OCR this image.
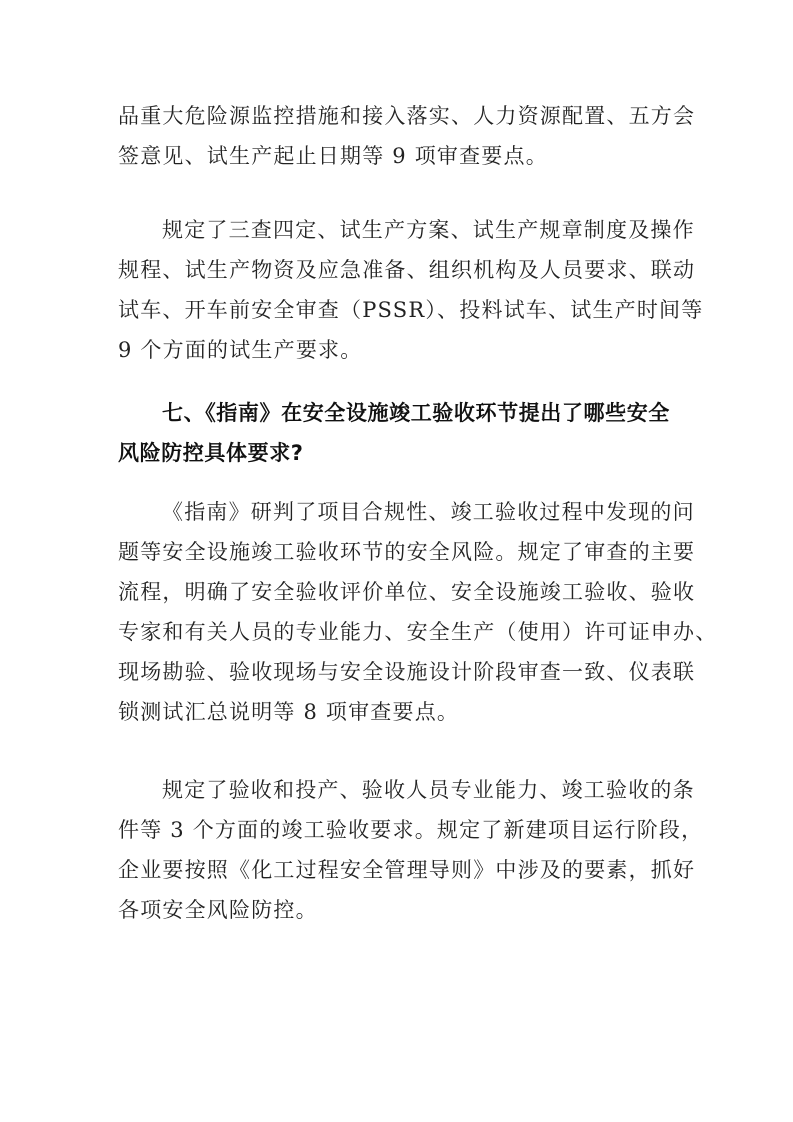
品重大危险源监控措施和接入落实、人力资源配置、五方会
签意见、试生产起止日期等 9 项审查要点。

规定了三查四定、试生产方案、试生产规章制度及操作
规程、试生产物资及应急准备、组织机构及人员要求、联动
试车、开车前安全审查（PSSR）、投料试车、试生产时间等
9 个方面的试生产要求。

七、《指南》在安全设施竣工验收环节提出了哪些安全
风险防控具体要求?

《指南》研判了项目合规性、竣工验收过程中发现的问
题等安全设施竣工验收环节的安全风险。规定了审查的主要
流程，明确了安全验收评价单位、安全设施竣工验收、验收
专家和有关人员的专业能力、安全生产（使用）许可证申办、
现场勘验、验收现场与安全设施设计阶段审查一致、仪表联
锁测试汇总说明等 8 项审查要点。

规定了验收和投产、验收人员专业能力、竣工验收的条
件等 3 个方面的竣工验收要求。规定了新建项目运行阶段，
企业要按照《化工过程安全管理导则》中涉及的要素，抓好
各项安全风险防控。
